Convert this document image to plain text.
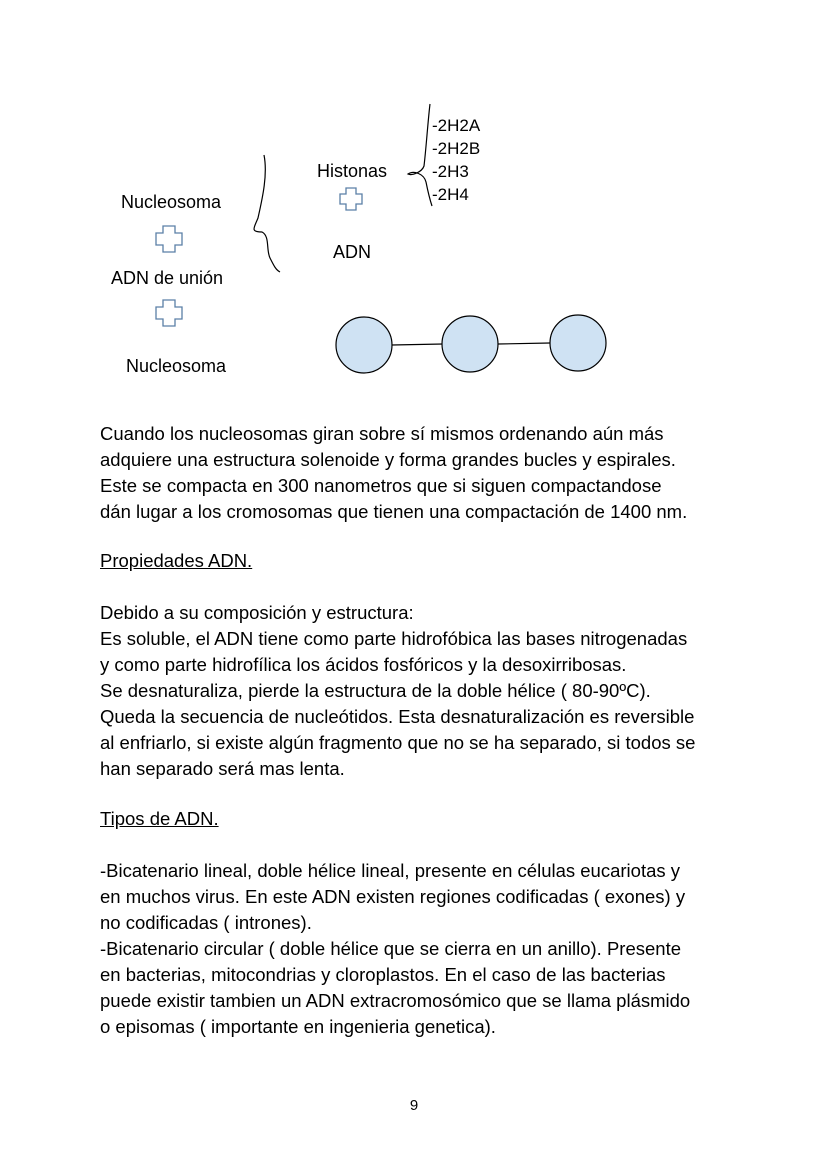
Nucleosoma
ADN de unión
Nucleosoma
Histonas
ADN
-2H2A
-2H2B
-2H3
-2H4

Cuando los nucleosomas giran sobre sí mismos ordenando aún más

adquiere una estructura solenoide y forma grandes bucles y espirales.

Este se compacta en 300 nanometros que si siguen compactandose

dán lugar a los cromosomas que tienen una compactación de 1400 nm.

Propiedades ADN.

Debido a su composición y estructura:

Es soluble, el ADN tiene como parte hidrofóbica las bases nitrogenadas

y como parte hidrofílica los ácidos fosfóricos y la desoxirribosas.

Se desnaturaliza, pierde la estructura de la doble hélice ( 80-90ºC).

Queda la secuencia de nucleótidos. Esta desnaturalización es reversible

al enfriarlo, si existe algún fragmento que no se ha separado, si todos se

han separado será mas lenta.

Tipos de ADN.

-Bicatenario lineal, doble hélice lineal, presente en células eucariotas y

en muchos virus. En este ADN existen regiones codificadas ( exones) y

no codificadas ( intrones).

-Bicatenario circular ( doble hélice que se cierra en un anillo). Presente

en bacterias, mitocondrias y cloroplastos. En el caso de las bacterias

puede existir tambien un ADN extracromosómico que se llama plásmido

o episomas ( importante en ingenieria genetica).

9
